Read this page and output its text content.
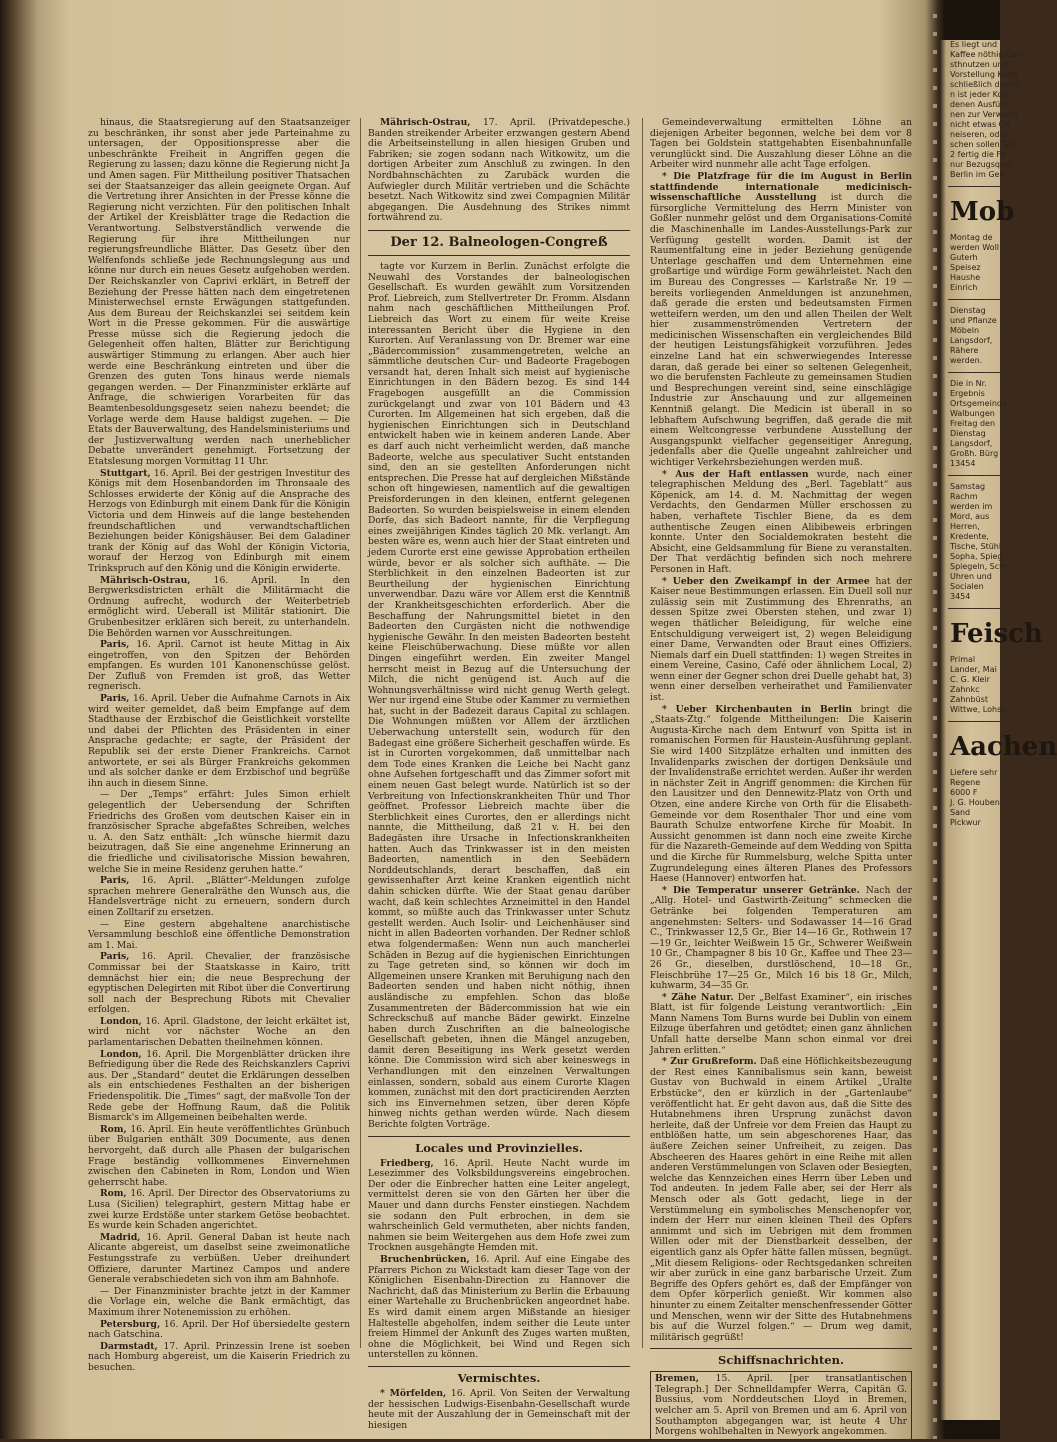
hinaus, die Staatsregierung auf den Staatsanzeiger zu beschränken, ihr sonst aber jede Parteinahme zu untersagen, der Oppositionspresse aber die unbeschränkte Freiheit in Angriffen gegen die Regierung zu lassen; dazu könne die Regierung nicht Ja und Amen sagen. Für Mittheilung positiver Thatsachen sei der Staatsanzeiger das allein geeignete Organ. Auf die Vertretung ihrer Ansichten in der Presse könne die Regierung nicht verzichten. Für den politischen Inhalt der Artikel der Kreisblätter trage die Redaction die Verantwortung. Selbstverständlich verwende die Regierung für ihre Mittheilungen nur regierungsfreundliche Blätter. Das Gesetz über den Welfenfonds schließe jede Rechnungslegung aus und könne nur durch ein neues Gesetz aufgehoben werden. Der Reichskanzler von Caprivi erklärt, in Betreff der Beziehung der Presse hätten nach dem eingetretenen Ministerwechsel ernste Erwägungen stattgefunden. Aus dem Bureau der Reichskanzlei sei seitdem kein Wort in die Presse gekommen. Für die auswärtige Presse müsse sich die Regierung jedoch die Gelegenheit offen halten, Blätter zur Berichtigung auswärtiger Stimmung zu erlangen. Aber auch hier werde eine Beschränkung eintreten und über die Grenzen des guten Tons hinaus werde niemals gegangen werden. — Der Finanzminister erklärte auf Anfrage, die schwierigen Vorarbeiten für das Beamtenbesoldungsgesetz seien nahezu beendet; die Vorlage werde dem Hause baldigst zugehen. — Die Etats der Bauverwaltung, des Handelsministeriums und der Justizverwaltung werden nach unerheblicher Debatte unverändert genehmigt. Fortsetzung der Etatslesung morgen Vormittag 11 Uhr.

Stuttgart, 16. April. Bei der gestrigen Investitur des Königs mit dem Hosenbandorden im Thronsaale des Schlosses erwiderte der König auf die Ansprache des Herzogs von Edinburgh mit einem Dank für die Königin Victoria und dem Hinweis auf die lange bestehenden freundschaftlichen und verwandtschaftlichen Beziehungen beider Königshäuser. Bei dem Galadiner trank der König auf das Wohl der Königin Victoria, worauf der Herzog von Edinburgh mit einem Trinkspruch auf den König und die Königin erwiderte.

Mährisch-Ostrau,	16. April. In den Bergwerksdistricten erhält die Militärmacht die Ordnung aufrecht, wodurch der Weiterbetrieb ermöglicht wird. Ueberall ist Militär stationirt. Die Grubenbesitzer erklären sich bereit, zu unterhandeln. Die Behörden warnen vor Ausschreitungen.

Paris, 16. April. Carnot ist heute Mittag in Aix eingetroffen, von den Spitzen der Behörden empfangen. Es wurden 101 Kanonenschüsse gelöst. Der Zufluß von Fremden ist groß, das Wetter regnerisch.

Paris, 16. April. Ueber die Aufnahme Carnots in Aix wird weiter gemeldet, daß beim Empfange auf dem Stadthause der Erzbischof die Geistlichkeit vorstellte und dabei der Pflichten des Präsidenten in einer Ansprache gedachte; er sagte, der Präsident der Republik sei der erste Diener Frankreichs. Carnot antwortete, er sei als Bürger Frankreichs gekommen und als solcher danke er dem Erzbischof und begrüße ihn auch in diesem Sinne.

— Der „Temps“ erfährt: Jules Simon erhielt gelegentlich der Uebersendung der Schriften Friedrichs des Großen vom deutschen Kaiser ein in französischer Sprache abgefaßtes Schreiben, welches u. A. den Satz enthält: „Ich wünsche hiermit dazu beizutragen, daß Sie eine angenehme Erinnerung an die friedliche und civilisatorische Mission bewahren, welche Sie in meine Residenz geruhen hatte.“

Paris, 16. April. „Blätter“-Meldungen zufolge sprachen mehrere Generalräthe den Wunsch aus, die Handelsverträge nicht zu erneuern, sondern durch einen Zolltarif zu ersetzen.

— Eine gestern abgehaltene anarchistische Versammlung beschloß eine öffentliche Demonstration am 1. Mai.

Paris, 16. April. Chevalier, der französische Commissar bei der Staatskasse in Kairo, tritt demnächst hier ein; die neue Besprechung der egyptischen Delegirten mit Ribot über die Convertirung soll nach der Besprechung Ribots mit Chevalier erfolgen.

London, 16. April. Gladstone, der leicht erkältet ist, wird nicht vor nächster Woche an den parlamentarischen Debatten theilnehmen können.

London, 16. April. Die Morgenblätter drücken ihre Befriedigung über die Rede des Reichskanzlers Caprivi aus. Der „Standard“ deutet die Erklärungen desselben als ein entschiedenes Festhalten an der bisherigen Friedenspolitik. Die „Times“ sagt, der maßvolle Ton der Rede gebe der Hoffnung Raum, daß die Politik Bismarck's im Allgemeinen beibehalten werde.

Rom, 16. April. Ein heute veröffentlichtes Grünbuch über Bulgarien enthält 309 Documente, aus denen hervorgeht, daß durch alle Phasen der bulgarischen Frage beständig vollkommenes Einvernehmen zwischen den Cabineten in Rom, London und Wien geherrscht habe.

Rom, 16. April. Der Director des Observatoriums zu Lusa (Sicilien) telegraphirt, gestern Mittag habe er zwei kurze Erdstöße unter starkem Getöse beobachtet. Es wurde kein Schaden angerichtet.

Madrid, 16. April. General Daban ist heute nach Alicante abgereist, um daselbst seine zweimonatliche Festungsstrafe zu verbüßen. Ueber dreihundert Offiziere, darunter Martinez Campos und andere Generale verabschiedeten sich von ihm am Bahnhofe.

— Der Finanzminister brachte jetzt in der Kammer die Vorlage ein, welche die Bank ermächtigt, das Maximum ihrer Notenemission zu erhöhen.

Petersburg, 16. April. Der Hof übersiedelte gestern nach Gatschina.

Darmstadt, 17. April. Prinzessin Irene ist soeben nach Homburg abgereist, um die Kaiserin Friedrich zu besuchen.

Mährisch-Ostrau, 17. April. (Privatdepesche.) Banden streikender Arbeiter erzwangen gestern Abend die Arbeitseinstellung in allen hiesigen Gruben und Fabriken; sie zogen sodann nach Witkowitz, um die dortigen Arbeiter zum Anschluß zu zwingen. In den Nordbahnschächten zu Zarubäck wurden die Aufwiegler durch Militär vertrieben und die Schächte besetzt. Nach Witkowitz sind zwei Compagnien Militär abgegangen. Die Ausdehnung des Strikes nimmt fortwährend zu.

Der 12. Balneologen-Congreß

tagte vor Kurzem in Berlin. Zunächst erfolgte die Neuwahl des Vorstandes der balneologischen Gesellschaft. Es wurden gewählt zum Vorsitzenden Prof. Liebreich, zum Stellvertreter Dr. Fromm. Alsdann nahm nach geschäftlichen Mittheilungen Prof. Liebreich das Wort zu einem für weite Kreise interessanten Bericht über die Hygiene in den Kurorten. Auf Veranlassung von Dr. Bremer war eine „Bädercommission“ zusammengetreten, welche an sämmtliche deutschen Cur- und Badeorte Fragebogen versandt hat, deren Inhalt sich meist auf hygienische Einrichtungen in den Bädern bezog. Es sind 144 Fragebogen ausgefüllt an die Commission zurückgelangt und zwar von 101 Bädern und 43 Curorten. Im Allgemeinen hat sich ergeben, daß die hygienischen Einrichtungen sich in Deutschland entwickelt haben wie in keinem anderen Lande. Aber es darf auch nicht verheimlicht werden, daß manche Badeorte, welche aus speculativer Sucht entstanden sind, den an sie gestellten Anforderungen nicht entsprechen. Die Presse hat auf dergleichen Mißstände schon oft hingewiesen, namentlich auf die gewaltigen Preisforderungen in den kleinen, entfernt gelegenen Badeorten. So wurden beispielsweise in einem elenden Dorfe, das sich Badeort nannte, für die Verpflegung eines zweijährigen Kindes täglich 20 Mk. verlangt. Am besten wäre es, wenn auch hier der Staat eintreten und jedem Curorte erst eine gewisse Approbation ertheilen würde, bevor er als solcher sich aufthäte. — Die Sterblichkeit in den einzelnen Badeorten ist zur Beurtheilung der hygienischen Einrichtung unverwendbar. Dazu wäre vor Allem erst die Kenntniß der Krankheitsgeschichten erforderlich. Aber die Beschaffung der Nahrungsmittel bietet in den Badeorten den Curgästen nicht die nothwendige hygienische Gewähr. In den meisten Badeorten besteht keine Fleischüberwachung. Diese müßte vor allen Dingen eingeführt werden. Ein zweiter Mangel herrscht meist in Bezug auf die Untersuchung der Milch, die nicht genügend ist. Auch auf die Wohnungsverhältnisse wird nicht genug Werth gelegt. Wer nur irgend eine Stube oder Kammer zu vermiethen hat, sucht in der Badezeit daraus Capital zu schlagen. Die Wohnungen müßten vor Allem der ärztlichen Ueberwachung unterstellt sein, wodurch für den Badegast eine größere Sicherheit geschaffen würde. Es ist in Curorten vorgekommen, daß unmittelbar nach dem Tode eines Kranken die Leiche bei Nacht ganz ohne Aufsehen fortgeschafft und das Zimmer sofort mit einem neuen Gast belegt wurde. Natürlich ist so der Verbreitung von Infectionskrankheiten Thür und Thor geöffnet. Professor Liebreich machte über die Sterblichkeit eines Curortes, den er allerdings nicht nannte, die Mittheilung, daß 21 v. H. bei den Badegästen ihre Ursache in Infectionskrankheiten hatten. Auch das Trinkwasser ist in den meisten Badeorten, namentlich in den Seebädern Norddeutschlands, derart beschaffen, daß ein gewissenhafter Arzt keine Kranken eigentlich nicht dahin schicken dürfte. Wie der Staat genau darüber wacht, daß kein schlechtes Arzneimittel in den Handel kommt, so müßte auch das Trinkwasser unter Schutz gestellt werden. Auch Isolir- und Leichenhäuser sind nicht in allen Badeorten vorhanden. Der Redner schloß etwa folgendermaßen: Wenn nun auch mancherlei Schäden in Bezug auf die hygienischen Einrichtungen zu Tage getreten sind, so können wir doch im Allgemeinen unsere Kranken mit Beruhigung nach den Badeorten senden und haben nicht nöthig, ihnen ausländische zu empfehlen. Schon das bloße Zusammentreten der Bädercommission hat wie ein Schreckschuß auf manche Bäder gewirkt. Einzelne haben durch Zuschriften an die balneologische Gesellschaft gebeten, ihnen die Mängel anzugeben, damit deren Beseitigung ins Werk gesetzt werden könne. Die Commission wird sich aber keineswegs in Verhandlungen mit den einzelnen Verwaltungen einlassen, sondern, sobald aus einem Curorte Klagen kommen, zunächst mit den dort practicirenden Aerzten sich ins Einvernehmen setzen, über deren Köpfe hinweg nichts gethan werden würde. Nach diesem Berichte folgten Vorträge.

Locales und Provinzielles.

Friedberg, 16. April. Heute Nacht wurde im Lesezimmer des Volksbildungsvereins eingebrochen. Der oder die Einbrecher hatten eine Leiter angelegt, vermittelst deren sie von den Gärten her über die Mauer und dann durchs Fenster einstiegen. Nachdem sie sodann den Pult erbrochen, in dem sie wahrscheinlich Geld vermutheten, aber nichts fanden, nahmen sie beim Weitergehen aus dem Hofe zwei zum Trocknen ausgehängte Hemden mit.

Bruchenbrücken, 16. April. Auf eine Eingabe des Pfarrers Pichon zu Wickstadt kam dieser Tage von der Königlichen Eisenbahn-Direction zu Hannover die Nachricht, daß das Ministerium zu Berlin die Erbauung einer Wartehalle zu Bruchenbrücken angeordnet habe. Es wird damit einem argen Mißstande an hiesiger Haltestelle abgeholfen, indem seither die Leute unter freiem Himmel der Ankunft des Zuges warten mußten, ohne die Möglichkeit, bei Wind und Regen sich unterstellen zu können.

Vermischtes.

* Mörfelden, 16. April. Von Seiten der Verwaltung der hessischen Ludwigs-Eisenbahn-Gesellschaft wurde heute mit der Auszahlung der in Gemeinschaft mit der hiesigen

Gemeindeverwaltung ermittelten Löhne an diejenigen Arbeiter begonnen, welche bei dem vor 8 Tagen bei Goldstein stattgehabten Eisenbahnunfalle verunglückt sind. Die Auszahlung dieser Löhne an die Arbeiter wird nunmehr alle acht Tage erfolgen.

* Die Platzfrage für die im August in Berlin stattfindende internationale medicinisch-wissenschaftliche Ausstellung ist durch die fürsorgliche Vermittelung des Herrn Minister von Goßler nunmehr gelöst und dem Organisations-Comité die Maschinenhalle im Landes-Ausstellungs-Park zur Verfügung gestellt worden. Damit ist der Raumentfaltung eine in jeder Beziehung genügende Unterlage geschaffen und dem Unternehmen eine großartige und würdige Form gewährleistet. Nach den im Bureau des Congresses — Karlstraße Nr. 19 — bereits vorliegenden Anmeldungen ist anzunehmen, daß gerade die ersten und bedeutsamsten Firmen wetteifern werden, um den und allen Theilen der Welt hier zusammenströmenden Vertretern der medicinischen Wissenschaften ein vergleichendes Bild der heutigen Leistungsfähigkeit vorzuführen. Jedes einzelne Land hat ein schwerwiegendes Interesse daran, daß gerade bei einer so seltenen Gelegenheit, wo die berufensten Fachleute zu gemeinsamen Studien und Besprechungen vereint sind, seine einschlägige Industrie zur Anschauung und zur allgemeinen Kenntniß gelangt. Die Medicin ist überall in so lebhaftem Aufschwung begriffen, daß gerade die mit einem Weltcongresse verbundene Ausstellung der Ausgangspunkt vielfacher gegenseitiger Anregung, jedenfalls aber die Quelle ungeahnt zahlreicher und wichtiger Verkehrsbeziehungen werden muß.

* Aus der Haft entlassen wurde, nach einer telegraphischen Meldung des „Berl. Tageblatt“ aus Köpenick, am 14. d. M. Nachmittag der wegen Verdachts, den Gendarmen Müller erschossen zu haben, verhaftete Tischler Biene, da es dem authentische Zeugen einen Alibibeweis erbringen konnte. Unter den Socialdemokraten besteht die Absicht, eine Geldsammlung für Biene zu veranstalten. Der That verdächtig befinden sich noch mehrere Personen in Haft.

* Ueber den Zweikampf in der Armee hat der Kaiser neue Bestimmungen erlassen. Ein Duell soll nur zulässig sein mit Zustimmung des Ehrenraths, an dessen Spitze zwei Obersten stehen, und zwar 1) wegen thätlicher Beleidigung, für welche eine Entschuldigung verweigert ist, 2) wegen Beleidigung einer Dame, Verwandten oder Braut eines Offiziers. Niemals darf ein Duell stattfinden: 1) wegen Streites in einem Vereine, Casino, Café oder ähnlichem Local, 2) wenn einer der Gegner schon drei Duelle gehabt hat, 3) wenn einer derselben verheirathet und Familienvater ist.

* Ueber Kirchenbauten in Berlin bringt die „Staats-Ztg.“ folgende Mittheilungen: Die Kaiserin Augusta-Kirche nach dem Entwurf von Spitta ist in romanischen Formen für Haustein-Ausführung geplant. Sie wird 1400 Sitzplätze erhalten und inmitten des Invalidenparks zwischen der dortigen Denksäule und der Invalidenstraße errichtet werden. Außer ihr werden in nächster Zeit in Angriff genommen: die Kirchen für den Lausitzer und den Dennewitz-Platz von Orth und Otzen, eine andere Kirche von Orth für die Elisabeth-Gemeinde vor dem Rosenthaler Thor und eine vom Baurath Schulze entworfene Kirche für Moabit. In Aussicht genommen ist dann noch eine zweite Kirche für die Nazareth-Gemeinde auf dem Wedding von Spitta und die Kirche für Rummelsburg, welche Spitta unter Zugrundelegung eines älteren Planes des Professors Haese (Hannover) entworfen hat.

* Die Temperatur unserer Getränke. Nach der „Allg. Hotel- und Gastwirth-Zeitung“ schmecken die Getränke bei folgenden Temperaturen am angenehmsten: Selters- und Sodawasser 14—16 Grad C., Trinkwasser 12,5 Gr., Bier 14—16 Gr., Rothwein 17—19 Gr., leichter Weißwein 15 Gr., Schwerer Weißwein 10 Gr., Champagner 8 bis 10 Gr., Kaffee und Thee 23—26 Gr., dieselben, durstlöschend, 10—18 Gr., Fleischbrühe 17—25 Gr., Milch 16 bis 18 Gr., Milch, kuhwarm, 34—35 Gr.

* Zähe Natur. Der „Belfast Examiner“, ein irisches Blatt, ist für folgende Leistung verantwortlich: „Ein Mann Namens Tom Burns wurde bei Dublin von einem Eilzuge überfahren und getödtet; einen ganz ähnlichen Unfall hatte derselbe Mann schon einmal vor drei Jahren erlitten.“

* Zur Grußreform. Daß eine Höflichkeitsbezeugung der Rest eines Kannibalismus sein kann, beweist Gustav von Buchwald in einem Artikel „Uralte Erbstücke“, den er kürzlich in der „Gartenlaube“ veröffentlicht hat. Er geht davon aus, daß die Sitte des Hutabnehmens ihren Ursprung zunächst davon herleite, daß der Unfreie vor dem Freien das Haupt zu entblößen hatte, um sein abgeschorenes Haar, das äußere Zeichen seiner Unfreiheit, zu zeigen. Das Abscheeren des Haares gehört in eine Reihe mit allen anderen Verstümmelungen von Sclaven oder Besiegten, welche das Kennzeichen eines Herrn über Leben und Tod andeuten. In jedem Falle aber, sei der Herr als Mensch oder als Gott gedacht, liege in der Verstümmelung ein symbolisches Menschenopfer vor, indem der Herr nur einen kleinen Theil des Opfers annimmt und sich im Uebrigen mit dem frommen Willen oder mit der Dienstbarkeit desselben, der eigentlich ganz als Opfer hätte fallen müssen, begnügt. „Mit diesem Religions- oder Rechtsgedanken schreiten wir aber zurück in eine ganz barbarische Urzeit. Zum Begriffe des Opfers gehört es, daß der Empfänger von dem Opfer körperlich genießt. Wir kommen also hinunter zu einem Zeitalter menschenfressender Götter und Menschen, wenn wir der Sitte des Hutabnehmens bis auf die Wurzel folgen.“ — Drum weg damit, militärisch gegrüßt!

Schiffsnachrichten.

Bremen, 15. April. [per transatlantischen Telegraph.] Der Schnelldampfer Werra, Capitän G. Bussius, vom Norddeutschen Lloyd in Bremen, welcher am 5. April von Bremen und am 6. April von Southampton abgegangen war, ist heute 4 Uhr Morgens wohlbehalten in Newyork angekommen.

Es liegt und
Kaffee nöthig Gas
sthnutzen und
Vorstellung Kaffe
schließlich davon,
n ist jeder Kofe
denen Ausfüh
nen zur Verwend
nicht etwas Ge
neiseren, oder
schen sollen Gar
2 fertig die Fa
nur Bezugsquel
Berlin im Geb
Mob
Montag de
werden Woll
Guterh
Speisez
Haushe
Einrich
Dienstag
und Pflanze
Möbeln
Langsdorf,
Rähere
werden.
Die in Nr.
Ergebnis
Ortsgemeinde
Walbungen
Freitag den
Dienstag
Langsdorf,
Großh. Bürg
13454
Samstag
Rachm
werden im
Mord, aus
Herren,
Kredente,
Tische, Stühl
Sopha, Spieg
Spiegeln, Schr
Uhren und
Socialen
3454
Feisch
Primal
Lander, Mai
C. G. Kleir
Zahnkc
Zahnbüst
Wittwe, Lohst
Aachen
Liefere sehr
Regene
6000 F
J. G. Houben
Sand
Pickwur
